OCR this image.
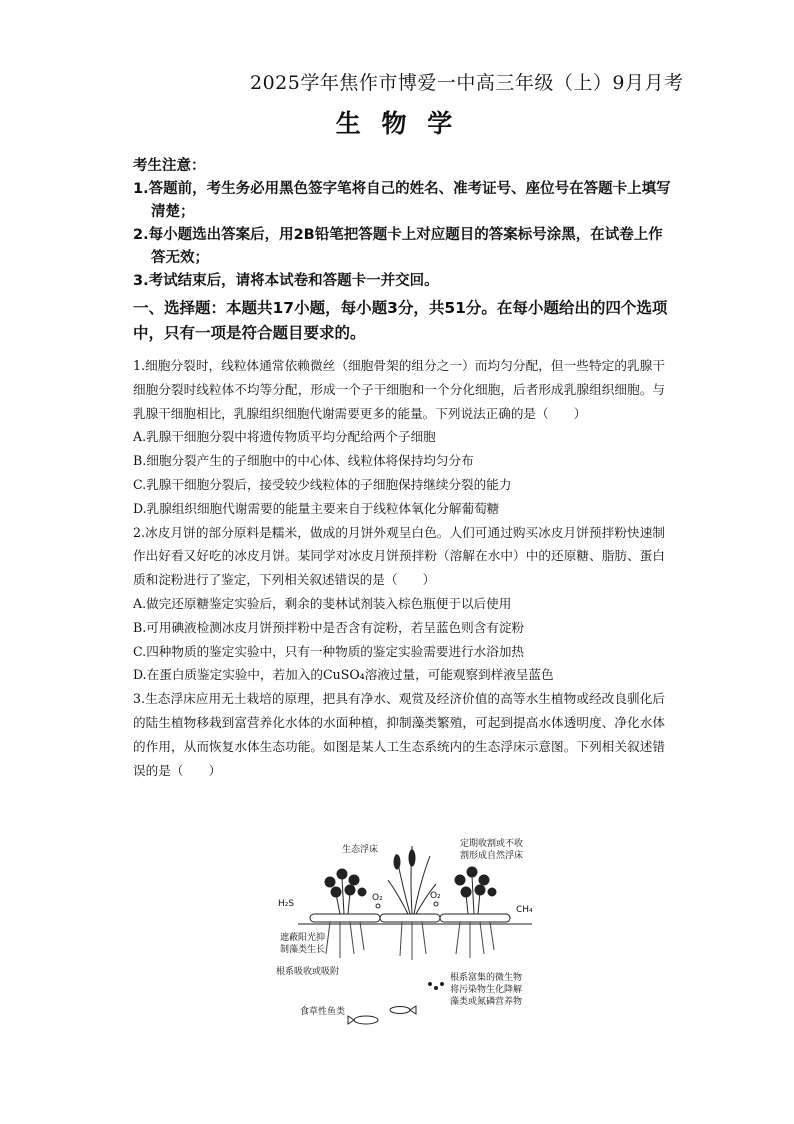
2025学年焦作市博爱一中高三年级（上）9月月考
生 物 学
考生注意：
1.答题前，考生务必用黑色签字笔将自己的姓名、准考证号、座位号在答题卡上填写清楚；
2.每小题选出答案后，用2B铅笔把答题卡上对应题目的答案标号涂黑，在试卷上作答无效；
3.考试结束后，请将本试卷和答题卡一并交回。
一、选择题：本题共17小题，每小题3分，共51分。在每小题给出的四个选项中，只有一项是符合题目要求的。
1.细胞分裂时，线粒体通常依赖微丝（细胞骨架的组分之一）而均匀分配，但一些特定的乳腺干细胞分裂时线粒体不均等分配，形成一个子干细胞和一个分化细胞，后者形成乳腺组织细胞。与乳腺干细胞相比，乳腺组织细胞代谢需要更多的能量。下列说法正确的是（　　）
A.乳腺干细胞分裂中将遗传物质平均分配给两个子细胞
B.细胞分裂产生的子细胞中的中心体、线粒体将保持均匀分布
C.乳腺干细胞分裂后，接受较少线粒体的子细胞保持继续分裂的能力
D.乳腺组织细胞代谢需要的能量主要来自于线粒体氧化分解葡萄糖
2.冰皮月饼的部分原料是糯米，做成的月饼外观呈白色。人们可通过购买冰皮月饼预拌粉快速制作出好看又好吃的冰皮月饼。某同学对冰皮月饼预拌粉（溶解在水中）中的还原糖、脂肪、蛋白质和淀粉进行了鉴定，下列相关叙述错误的是（　　）
A.做完还原糖鉴定实验后，剩余的斐林试剂装入棕色瓶便于以后使用
B.可用碘液检测冰皮月饼预拌粉中是否含有淀粉，若呈蓝色则含有淀粉
C.四种物质的鉴定实验中，只有一种物质的鉴定实验需要进行水浴加热
D.在蛋白质鉴定实验中，若加入的CuSO₄溶液过量，可能观察到样液呈蓝色
3.生态浮床应用无土栽培的原理，把具有净水、观赏及经济价值的高等水生植物或经改良驯化后的陆生植物移栽到富营养化水体的水面种植，抑制藻类繁殖，可起到提高水体透明度、净化水体的作用，从而恢复水体生态功能。如图是某人工生态系统内的生态浮床示意图。下列相关叙述错误的是（　　）
生态浮床
定期收割或不收
割形成自然浮床
H₂S
O₂	O₂
CH₄
遮蔽阳光抑
制藻类生长
根系吸收或吸附
根系富集的微生物
将污染物生化降解
藻类或氮磷营养物
食草性鱼类
